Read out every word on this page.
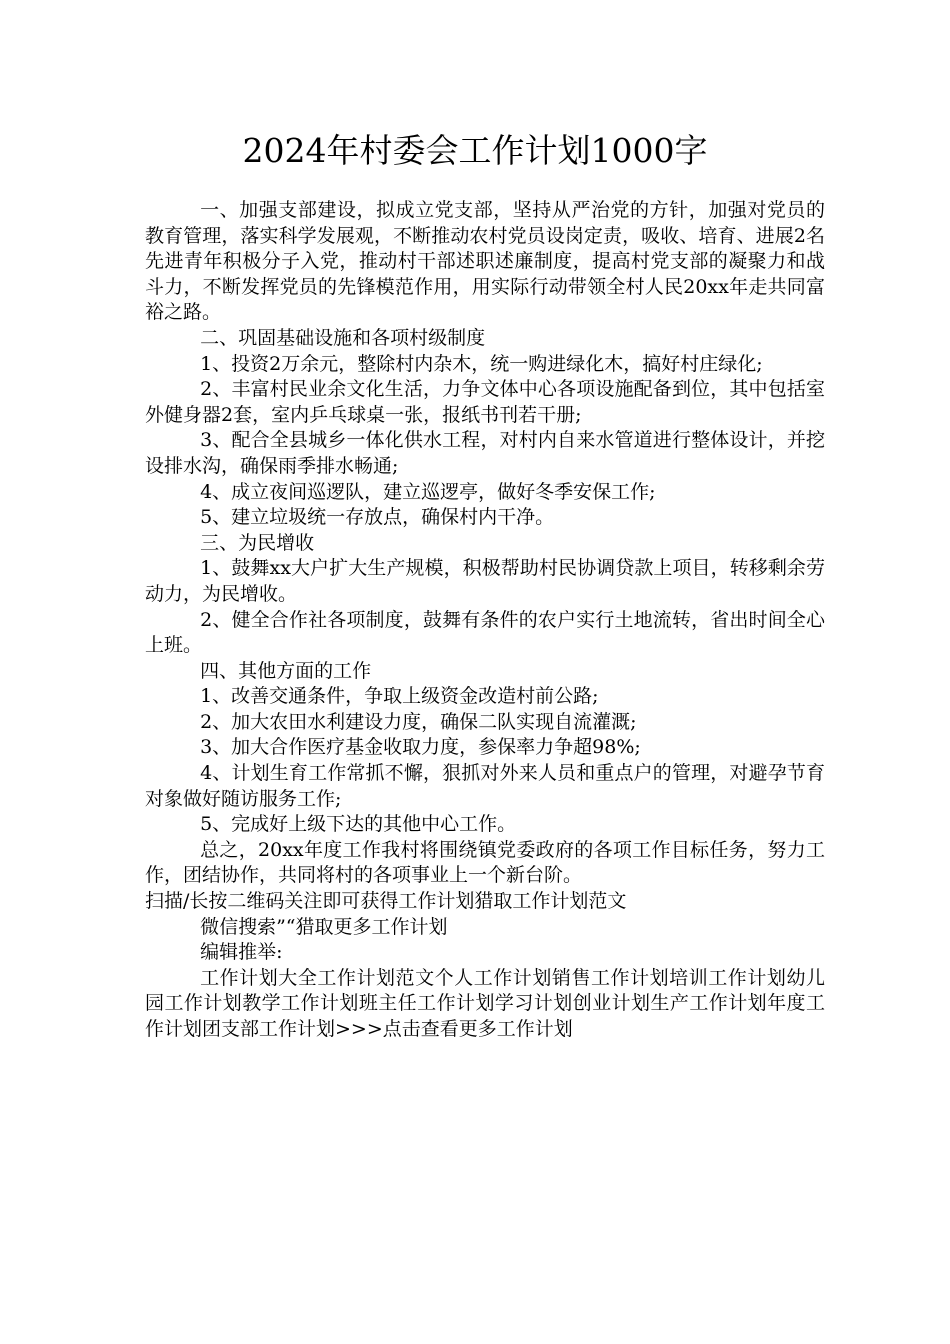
2024年村委会工作计划1000字

一、加强支部建设，拟成立党支部，坚持从严治党的方针，加强对党员的教育管理，落实科学发展观，不断推动农村党员设岗定责，吸收、培育、进展2名先进青年积极分子入党，推动村干部述职述廉制度，提高村党支部的凝聚力和战斗力，不断发挥党员的先锋模范作用，用实际行动带领全村人民20xx年走共同富裕之路。

二、巩固基础设施和各项村级制度

1、投资2万余元，整除村内杂木，统一购进绿化木，搞好村庄绿化;

2、丰富村民业余文化生活，力争文体中心各项设施配备到位，其中包括室外健身器2套，室内乒乓球桌一张，报纸书刊若干册;

3、配合全县城乡一体化供水工程，对村内自来水管道进行整体设计，并挖设排水沟，确保雨季排水畅通;

4、成立夜间巡逻队，建立巡逻亭，做好冬季安保工作;

5、建立垃圾统一存放点，确保村内干净。

三、为民增收

1、鼓舞xx大户扩大生产规模，积极帮助村民协调贷款上项目，转移剩余劳动力，为民增收。

2、健全合作社各项制度，鼓舞有条件的农户实行土地流转，省出时间全心上班。

四、其他方面的工作

1、改善交通条件，争取上级资金改造村前公路;

2、加大农田水利建设力度，确保二队实现自流灌溉;

3、加大合作医疗基金收取力度，参保率力争超98%;

4、计划生育工作常抓不懈，狠抓对外来人员和重点户的管理，对避孕节育对象做好随访服务工作;

5、完成好上级下达的其他中心工作。

总之，20xx年度工作我村将围绕镇党委政府的各项工作目标任务，努力工作，团结协作，共同将村的各项事业上一个新台阶。

扫描/长按二维码关注即可获得工作计划猎取工作计划范文

微信搜索”“猎取更多工作计划

编辑推举:

工作计划大全工作计划范文个人工作计划销售工作计划培训工作计划幼儿园工作计划教学工作计划班主任工作计划学习计划创业计划生产工作计划年度工作计划团支部工作计划>>>点击查看更多工作计划
